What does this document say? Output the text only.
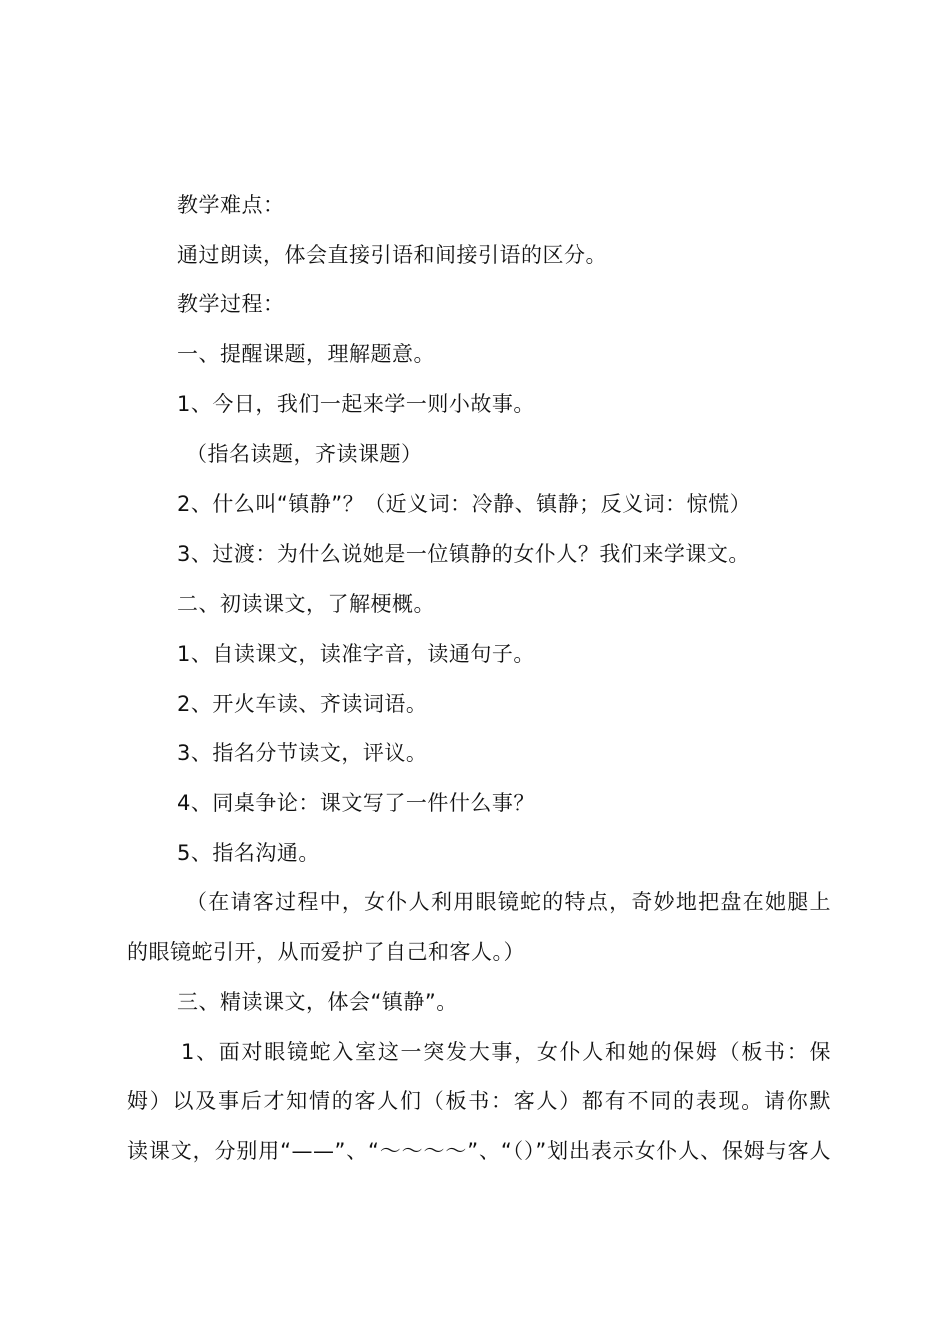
教学难点：
通过朗读，体会直接引语和间接引语的区分。
教学过程：
一、提醒课题，理解题意。
1、今日，我们一起来学一则小故事。
（指名读题，齐读课题）
2、什么叫“镇静”？（近义词：冷静、镇静；反义词：惊慌）
3、过渡：为什么说她是一位镇静的女仆人？我们来学课文。
二、初读课文，了解梗概。
1、自读课文，读准字音，读通句子。
2、开火车读、齐读词语。
3、指名分节读文，评议。
4、同桌争论：课文写了一件什么事？
5、指名沟通。
（在请客过程中，女仆人利用眼镜蛇的特点，奇妙地把盘在她腿上
的眼镜蛇引开，从而爱护了自己和客人。）
三、精读课文，体会“镇静”。
1、面对眼镜蛇入室这一突发大事，女仆人和她的保姆（板书：保
姆）以及事后才知情的客人们（板书：客人）都有不同的表现。请你默
读课文，分别用“——”、“～～～～”、“（）”划出表示女仆人、保姆与客人
